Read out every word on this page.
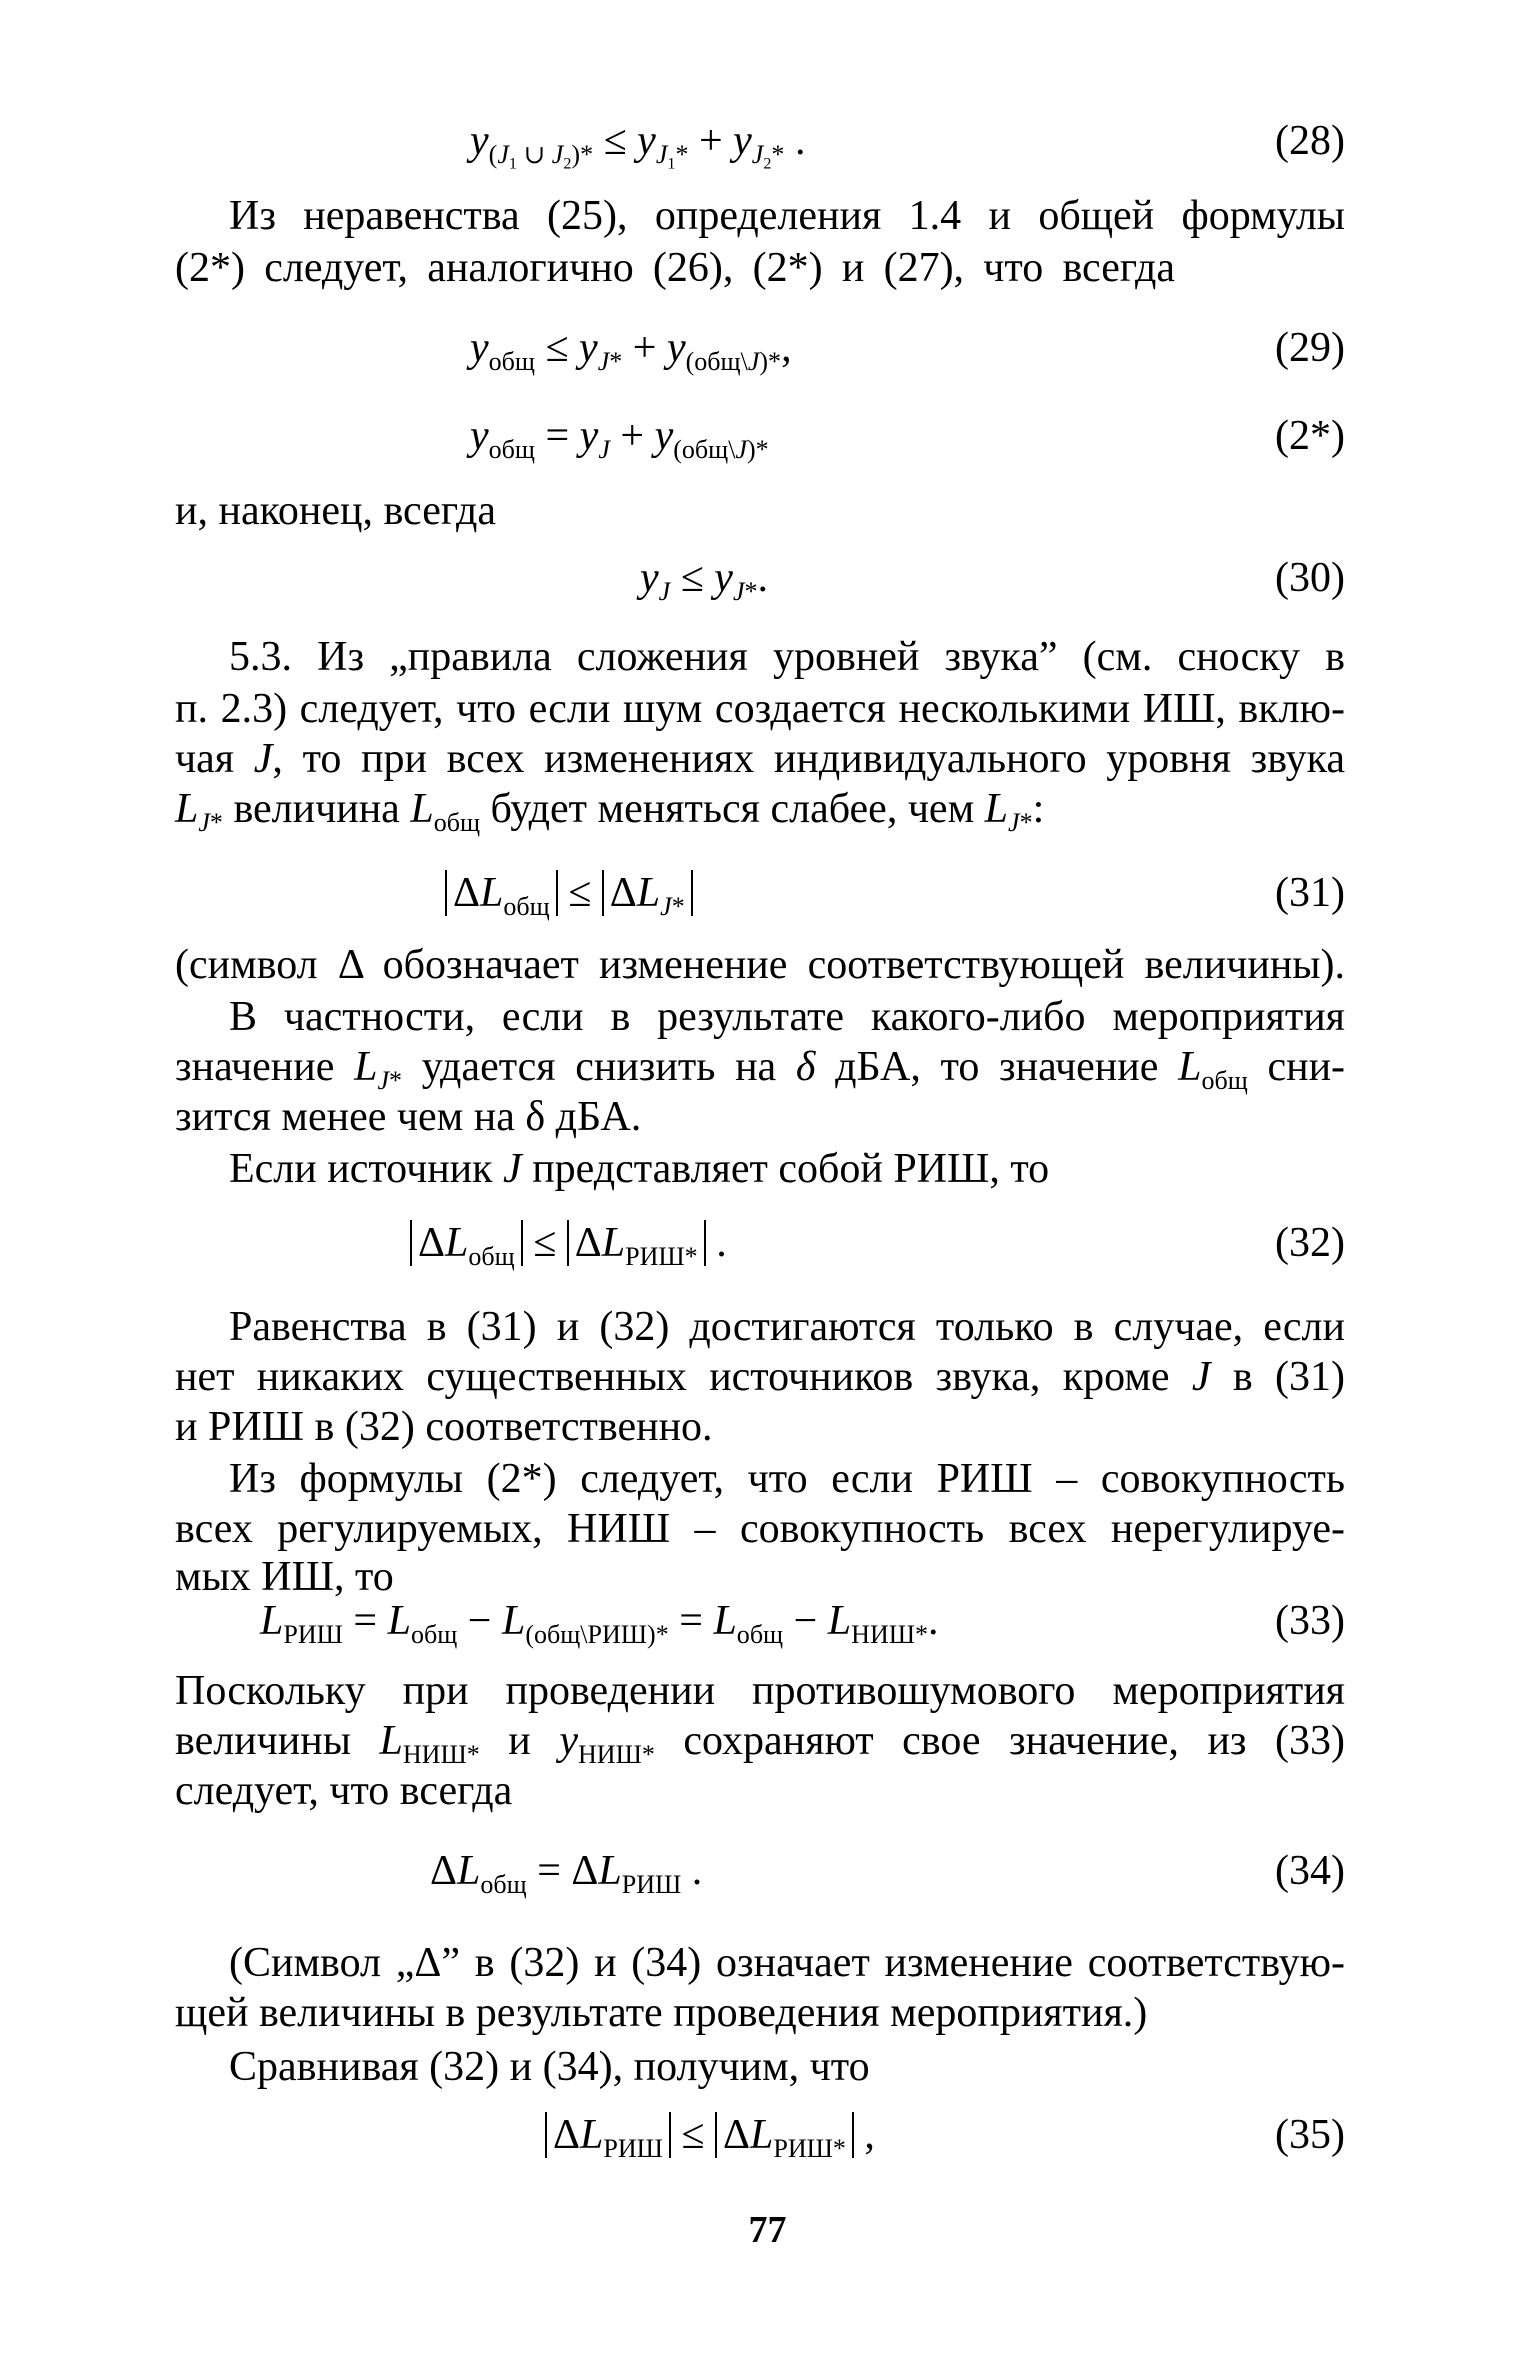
$y_{(J_1 \cup J_2)*} \le y_{J_1*} + y_{J_2*}$ .	(28)
Из неравенства (25), определения 1.4 и общей формулы
(2*) следует, аналогично (26), (2*) и (27), что всегда
$y_{общ} \le y_{J*} + y_{(общ\backslash J)*}$,	(29)
$y_{общ} = y_J + y_{(общ\backslash J)*}$	(2*)
и, наконец, всегда
$y_J \le y_{J*}$.	(30)
5.3. Из „правила сложения уровней звука” (см. сноску в
п. 2.3) следует, что если шум создается несколькими ИШ, вклю-
чая J, то при всех изменениях индивидуального уровня звука
$L_{J*}$ величина $L_{общ}$ будет меняться слабее, чем $L_{J*}$:
$\Delta L_{общ} \le \Delta L_{J*}$	(31)
(символ Δ обозначает изменение соответствующей величины).
В частности, если в результате какого-либо мероприятия
значение $L_{J*}$ удается снизить на δ дБА, то значение $L_{общ}$ сни-
зится менее чем на δ дБА.
Если источник J представляет собой РИШ, то
$\Delta L_{общ} \le \Delta L_{РИШ*}$ .	(32)
Равенства в (31) и (32) достигаются только в случае, если
нет никаких существенных источников звука, кроме J в (31)
и РИШ в (32) соответственно.
Из формулы (2*) следует, что если РИШ – совокупность
всех регулируемых, НИШ – совокупность всех нерегулируе-
мых ИШ, то
$L_{РИШ} = L_{общ} - L_{(общ\backslash РИШ)*} = L_{общ} - L_{НИШ*}$.	(33)
Поскольку при проведении противошумового мероприятия
величины $L_{НИШ*}$ и $y_{НИШ*}$ сохраняют свое значение, из (33)
следует, что всегда
$\Delta L_{общ} = \Delta L_{РИШ}$ .	(34)
(Символ „Δ” в (32) и (34) означает изменение соответствую-
щей величины в результате проведения мероприятия.)
Сравнивая (32) и (34), получим, что
$\Delta L_{РИШ} \le \Delta L_{РИШ*}$ ,	(35)
77
